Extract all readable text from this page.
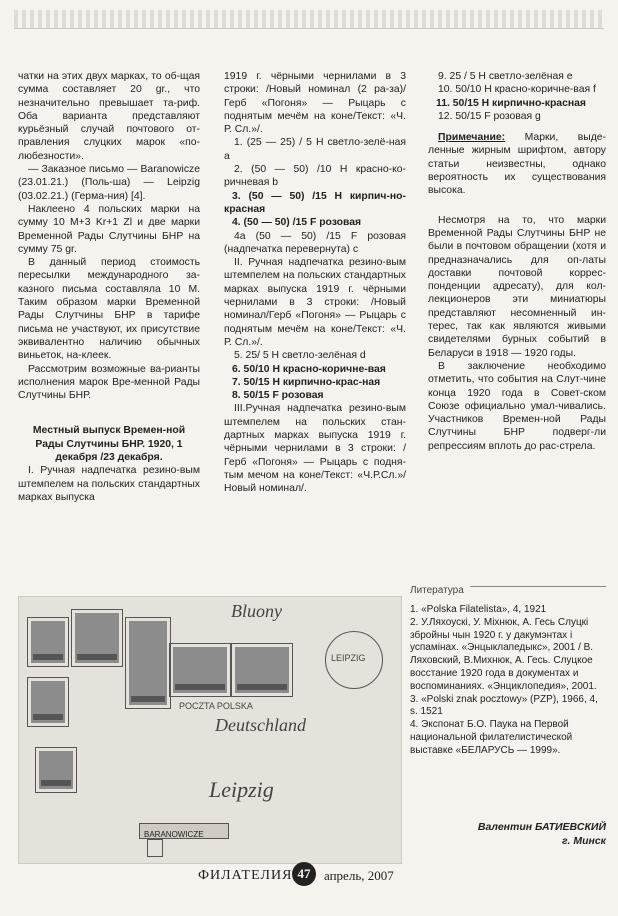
чатки на этих двух марках, то об-щая сумма составляет 20 gr., что незначительно превышает та-риф. Оба варианта представляют курьёзный случай почтового от-правления слуцких марок «по-любезности».

— Заказное письмо — Baranowicze (23.01.21.) (Поль-ша) — Leipzig (03.02.21.) (Герма-ния) [4].

Наклеено 4 польских марки на сумму 10 M+3 Kr+1 Zl и две марки Временной Рады Слутчины БНР на сумму 75 gr.

В данный период стоимость пересылки международного за-казного письма составляла 10 М. Таким образом марки Временной Рады Слутчины БНР в тарифе письма не участвуют, их присутствие эквивалентно наличию обычных виньеток, на-клеек.

Рассмотрим возможные ва-рианты исполнения марок Вре-менной Рады Слутчины БНР.

Местный выпуск Времен-ной Рады Слутчины БНР. 1920, 1 декабря /23 декабря.

I. Ручная надпечатка резино-вым штемпелем на польских стандартных марках выпуска

1919 г. чёрными чернилами в 3 строки: /Новый номинал (2 ра-за)/Герб «Погоня» — Рыцарь с поднятым мечём на коне/Текст: «Ч. Р. Сл.»/.

1. (25 — 25) / 5 Н светло-зелё-ная a

2. (50 — 50) /10 Н красно-ко-ричневая b

3. (50 — 50) /15 Н кирпич-но-красная

4. (50 — 50) /15 F розовая

4a (50 — 50) /15 F розовая (надпечатка перевернута) c

II. Ручная надпечатка резино-вым штемпелем на польских стандартных марках выпуска 1919 г. чёрными чернилами в 3 строки: /Новый номинал/Герб «Погоня» — Рыцарь с поднятым мечём на коне/Текст: «Ч. Р. Сл.»/.

5. 25/ 5 Н светло-зелёная d

6. 50/10 Н красно-коричне-вая

7. 50/15 Н кирпично-крас-ная

8. 50/15 F розовая

III.Ручная надпечатка резино-вым штемпелем на польских стан-дартных марках выпуска 1919 г. чёрными чернилами в 3 строки: /Герб «Погоня» — Рыцарь с подня-тым мечом на коне/Текст: «Ч.Р.Сл.»/Новый номинал/.

9. 25 / 5 Н светло-зелёная e

10. 50/10 Н красно-коричне-вая f

11. 50/15 Н кирпично-красная

12. 50/15 F розовая g

Примечание: Марки, выде-ленные жирным шрифтом, автору статьи неизвестны, однако вероятность их существования высока.

Несмотря на то, что марки Временной Рады Слутчины БНР не были в почтовом обращении (хотя и предназначались для оп-латы доставки почтовой коррес-понденции адресату), для кол-лекционеров эти миниатюры представляют несомненный ин-терес, так как являются живыми свидетелями бурных событий в Беларуси в 1918 — 1920 годы.

В заключение необходимо отметить, что события на Слут-чине конца 1920 года в Совет-ском Союзе официально умал-чивались. Участников Времен-ной Рады Слутчины БНР подверг-ли репрессиям вплоть до рас-стрела.

Литература

1. «Polska Filatelista», 4, 1921

2. У.Ляхоускі, У. Міхнюк, А. Гесь Слуцкі збройны чын 1920 г. у дакумэнтах і успамінах. «Энцыклапедыкс», 2001 / В. Ляховский, В.Михнюк, А. Гесь. Слуцкое восстание 1920 года в документах и воспоминаниях. «Энциклопедия», 2001.

3. «Polski znak pocztowy» (PZP), 1966, 4, s. 1521

4. Экспонат Б.О. Паука на Первой национальной филателистической выставке «БЕЛАРУСЬ — 1999».

Валентин БАТИЕВСКИЙ
г. Минск
POCZTA POLSKA
LEIPZIG
Bluony
Deutschland
Leipzig
BARANOWICZE
ФИЛАТЕЛИЯ 47	апрель, 2007
